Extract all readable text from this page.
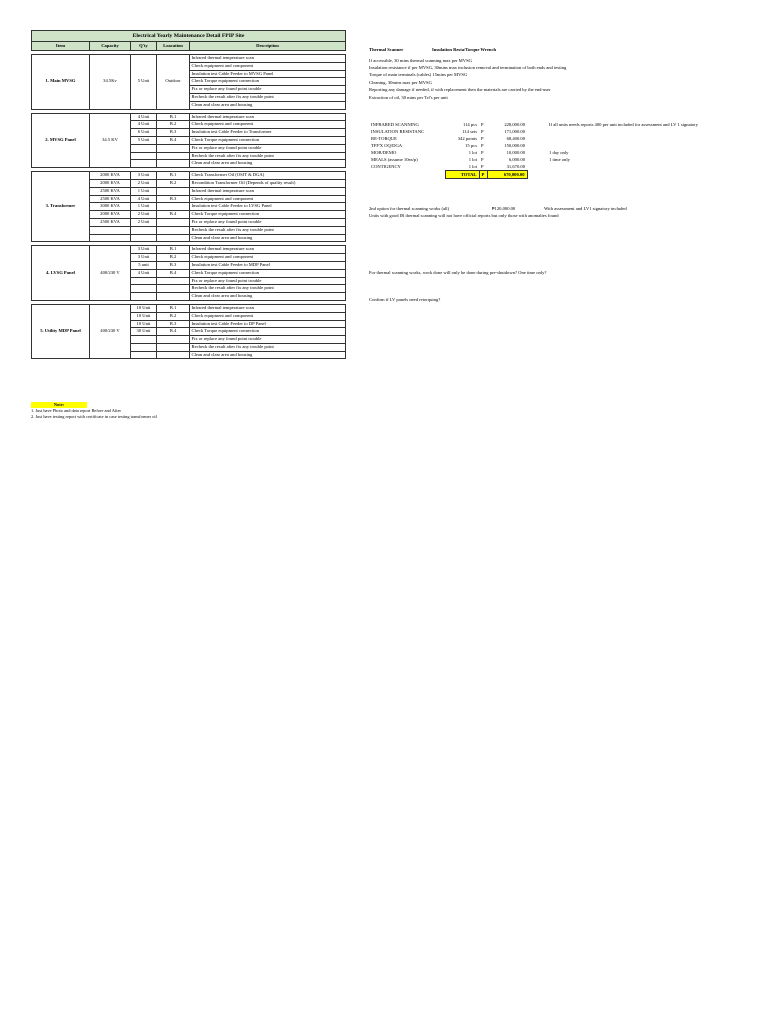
Electrical Yearly Maintenance Detail FPIP Site				
Item	Capacity	Q'ty	Loacation	Description

1. Main MVSG	34.5Kv	5 Unit	Outdoor	Infrared thermal temperature scan
				Check equipment and component
				Insulation test Cable Feeder to MVSG Panel
				Check Torque equipment connection
				Fix or replace any found point trouble
				Recheck the result after fix any trouble point
				Clean and clear area and housing

2. MVSG Panel	34.5 KV	4 Unit	B.1	Infrared thermal temperature scan
		4 Unit	B.2	Check equipment and component
		6 Unit	B.3	Insulation test Cable Feeder to Transformer
		5 Unit	B.4	Check Torque equipment connection
				Fix or replace any found point trouble
				Recheck the result after fix any trouble point
				Clean and clear area and housing

3. Transformer	2000 KVA	3 Unit	B.1	Check Transformer Oil (OSIT & DGA)
	2000 KVA	2 Unit	B.2	Recondition Transformer Oil (Depends of quality result)
	2500 KVA	1 Unit		Infrared thermal temperature scan
	2500 KVA	4 Unit	B.3	Check equipment and component
	3000 KVA	1 Unit		Insulation test Cable Feeder to LVSG Panel
	2000 KVA	2 Unit	B.4	Check Torque equipment connection
	2500 KVA	2 Unit		Fix or replace any found point trouble
				Recheck the result after fix any trouble point
				Clean and clear area and housing

4. LVSG Panel	400/230 V	3 Unit	B.1	Infrared thermal temperature scan
		3 Unit	B.2	Check equipment and component
		5 unit	B.3	Insulation test Cable Feeder to MDP Panel
		4 Unit	B.4	Check Torque equipment connection
				Fix or replace any found point trouble
				Recheck the result after fix any trouble point
				Clean and clear area and housing

5. Utility MDP Panel	400/230 V	10 Unit	B.1	Infrared thermal temperature scan
		10 Unit	B.2	Check equipment and component
		10 Unit	B.3	Insulation test Cable Feeder to DP Panel
		30 Unit	B.4	Check Torque equipment connection
				Fix or replace any found point trouble
				Recheck the result after fix any trouble point
				Clean and clear area and housing
Note:
1. Just have Photo and data report Before and After
2. Just have testing report with certificate in case testing transformer oil
Thermal Scanner	Insulation Resta/Torque Wrench
If accessible, 30 mins thermal scanning max per MVSG
Insulation resistance if per MVSG, 30mins max inclusion removal and termination of both ends and testing
Torque of main terminals (cables) 15mins per MVSG
Cleaning, 30mins max per MVSG
Reporting any damage if needed, if with replacement then the materials are carried by the end-user
Extraction of oil, 30 mins per Trf's per unit
INFRARED SCANNING	114 pcs	P	228,000.00	If all units needs reports 400 per unit included for assessment and LV 1 signatory
INSULATION RESISTANC	114 sets	P	171,000.00	
RE-TORQUE	342 points	P	68,400.00	
TFF'X OQ/DGA	15 pcs	P	150,000.00	
MOB/DEMO	1 lot	P	10,000.00	1 day only
MEALS (assume 10ea/p)	1 lot	P	6,000.00	1 time only
CONTIGENCY	1 lot	P	31,670.00	

	TOTAL	P	670,000.00	
2nd option for thermal scanning works (all)	₱120,000.00	With assessment and LV1 signatory included
Units with good IR thermal scanning will not have official reports but only those with anomalies found
For thermal scanning works, work done will only be done during pre-shutdown? One time only?
Confirm if LV panels need retorquing?
